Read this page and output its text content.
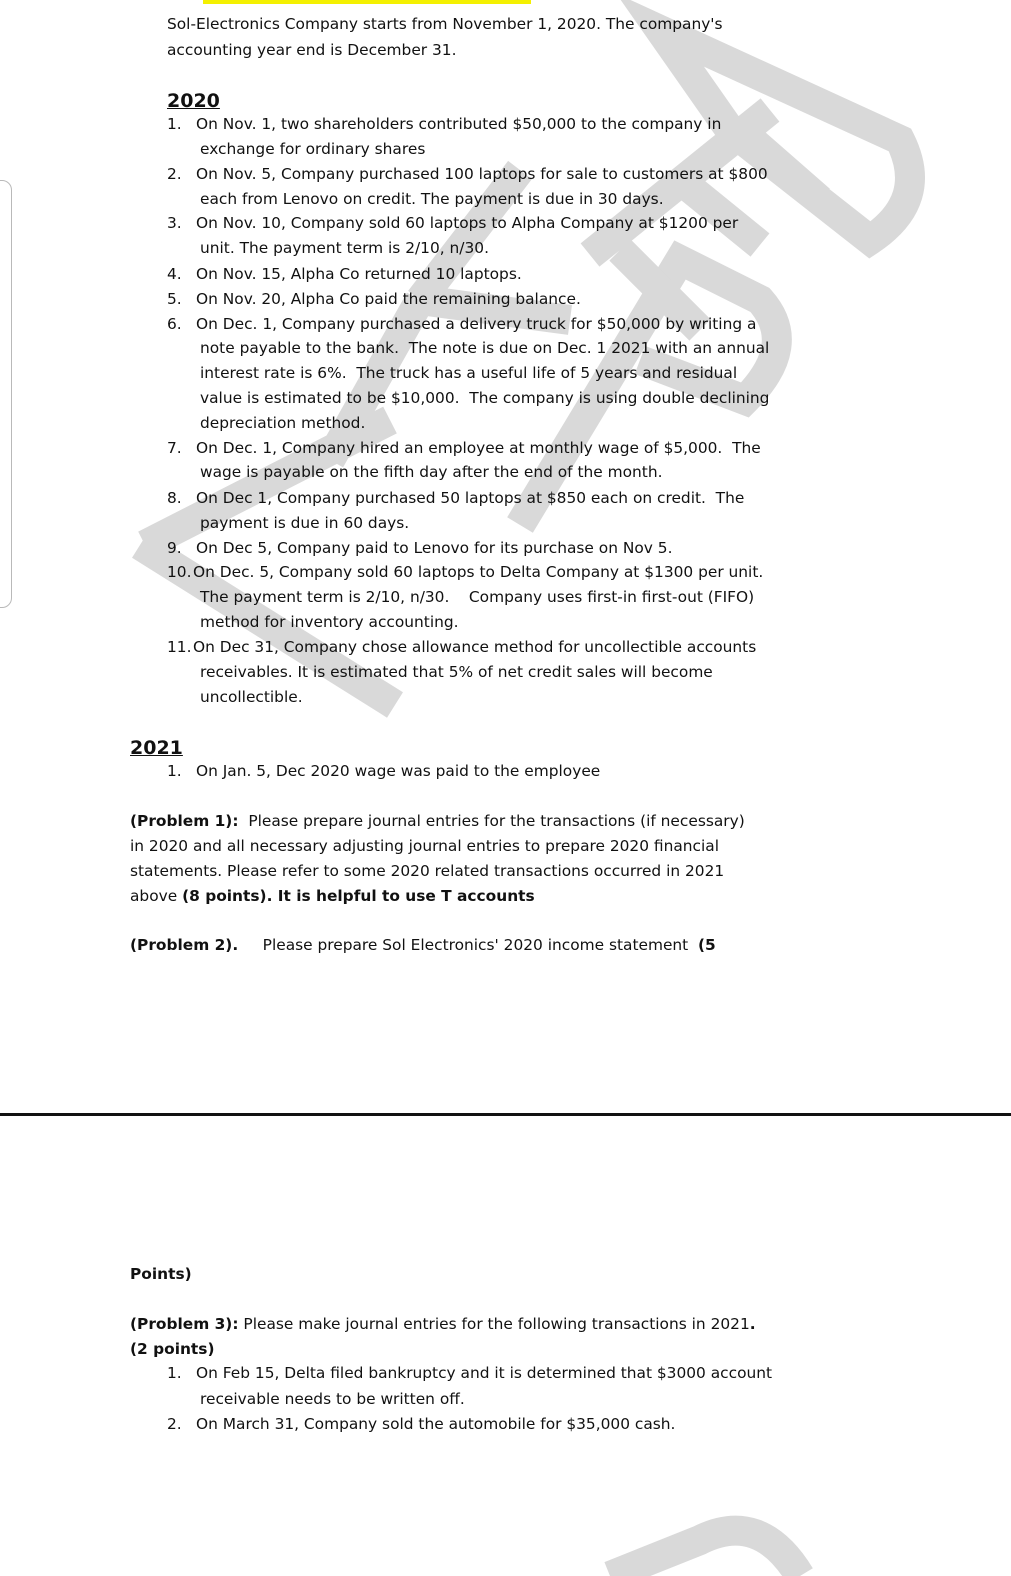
Sol-Electronics Company starts from November 1, 2020. The company's
accounting year end is December 31.
2020
1. On Nov. 1, two shareholders contributed $50,000 to the company in
exchange for ordinary shares
2. On Nov. 5, Company purchased 100 laptops for sale to customers at $800
each from Lenovo on credit. The payment is due in 30 days.
3. On Nov. 10, Company sold 60 laptops to Alpha Company at $1200 per
unit. The payment term is 2/10, n/30.
4. On Nov. 15, Alpha Co returned 10 laptops.
5. On Nov. 20, Alpha Co paid the remaining balance.
6. On Dec. 1, Company purchased a delivery truck for $50,000 by writing a
note payable to the bank.  The note is due on Dec. 1 2021 with an annual
interest rate is 6%.  The truck has a useful life of 5 years and residual
value is estimated to be $10,000.  The company is using double declining
depreciation method.
7. On Dec. 1, Company hired an employee at monthly wage of $5,000.  The
wage is payable on the fifth day after the end of the month.
8. On Dec 1, Company purchased 50 laptops at $850 each on credit.  The
payment is due in 60 days.
9. On Dec 5, Company paid to Lenovo for its purchase on Nov 5.
10.On Dec. 5, Company sold 60 laptops to Delta Company at $1300 per unit.
The payment term is 2/10, n/30.    Company uses first-in first-out (FIFO)
method for inventory accounting.
11.On Dec 31, Company chose allowance method for uncollectible accounts
receivables. It is estimated that 5% of net credit sales will become
uncollectible.
2021
1. On Jan. 5, Dec 2020 wage was paid to the employee
(Problem 1): Please prepare journal entries for the transactions (if necessary)
in 2020 and all necessary adjusting journal entries to prepare 2020 financial
statements. Please refer to some 2020 related transactions occurred in 2021
above (8 points). It is helpful to use T accounts
(Problem 2). Please prepare Sol Electronics' 2020 income statement (5
Points)
(Problem 3): Please make journal entries for the following transactions in 2021.
(2 points)
1. On Feb 15, Delta filed bankruptcy and it is determined that $3000 account
receivable needs to be written off.
2. On March 31, Company sold the automobile for $35,000 cash.
